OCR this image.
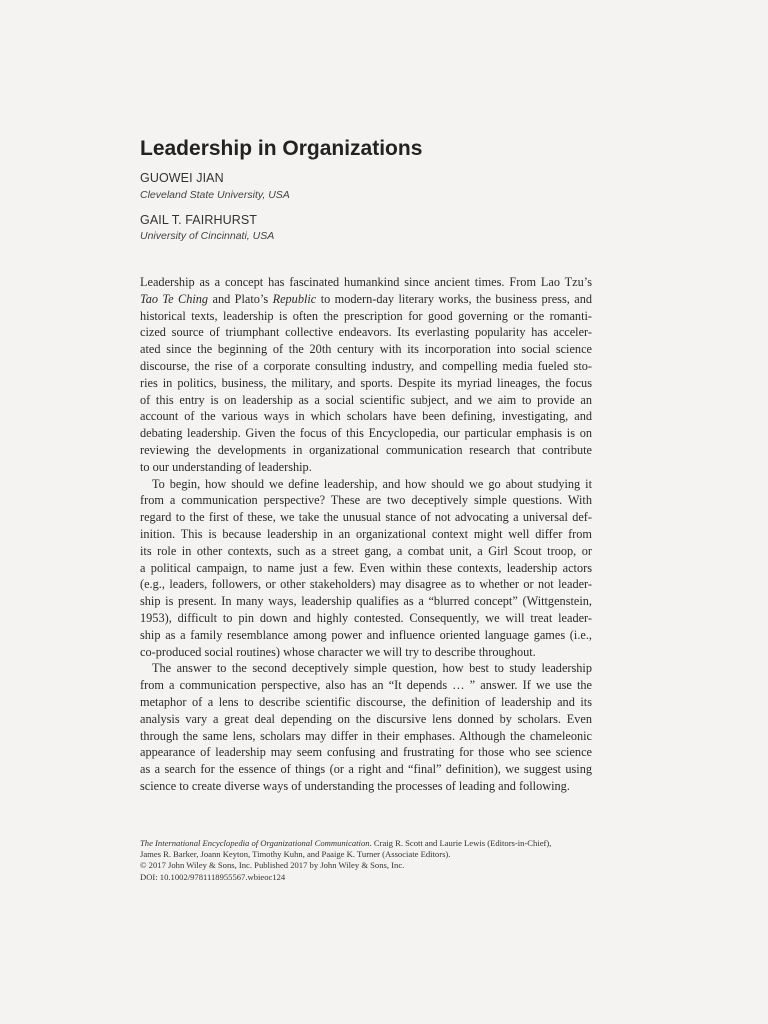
Leadership in Organizations
GUOWEI JIAN
Cleveland State University, USA
GAIL T. FAIRHURST
University of Cincinnati, USA
Leadership as a concept has fascinated humankind since ancient times. From Lao Tzu’s
Tao Te Ching and Plato’s Republic to modern-day literary works, the business press, and
historical texts, leadership is often the prescription for good governing or the romanti-
cized source of triumphant collective endeavors. Its everlasting popularity has acceler-
ated since the beginning of the 20th century with its incorporation into social science
discourse, the rise of a corporate consulting industry, and compelling media fueled sto-
ries in politics, business, the military, and sports. Despite its myriad lineages, the focus
of this entry is on leadership as a social scientific subject, and we aim to provide an
account of the various ways in which scholars have been defining, investigating, and
debating leadership. Given the focus of this Encyclopedia, our particular emphasis is on
reviewing the developments in organizational communication research that contribute
to our understanding of leadership.
To begin, how should we define leadership, and how should we go about studying it
from a communication perspective? These are two deceptively simple questions. With
regard to the first of these, we take the unusual stance of not advocating a universal def-
inition. This is because leadership in an organizational context might well differ from
its role in other contexts, such as a street gang, a combat unit, a Girl Scout troop, or
a political campaign, to name just a few. Even within these contexts, leadership actors
(e.g., leaders, followers, or other stakeholders) may disagree as to whether or not leader-
ship is present. In many ways, leadership qualifies as a “blurred concept” (Wittgenstein,
1953), difficult to pin down and highly contested. Consequently, we will treat leader-
ship as a family resemblance among power and influence oriented language games (i.e.,
co-produced social routines) whose character we will try to describe throughout.
The answer to the second deceptively simple question, how best to study leadership
from a communication perspective, also has an “It depends … ” answer. If we use the
metaphor of a lens to describe scientific discourse, the definition of leadership and its
analysis vary a great deal depending on the discursive lens donned by scholars. Even
through the same lens, scholars may differ in their emphases. Although the chameleonic
appearance of leadership may seem confusing and frustrating for those who see science
as a search for the essence of things (or a right and “final” definition), we suggest using
science to create diverse ways of understanding the processes of leading and following.
The International Encyclopedia of Organizational Communication. Craig R. Scott and Laurie Lewis (Editors-in-Chief),
James R. Barker, Joann Keyton, Timothy Kuhn, and Paaige K. Turner (Associate Editors).
© 2017 John Wiley & Sons, Inc. Published 2017 by John Wiley & Sons, Inc.
DOI: 10.1002/9781118955567.wbieoc124
